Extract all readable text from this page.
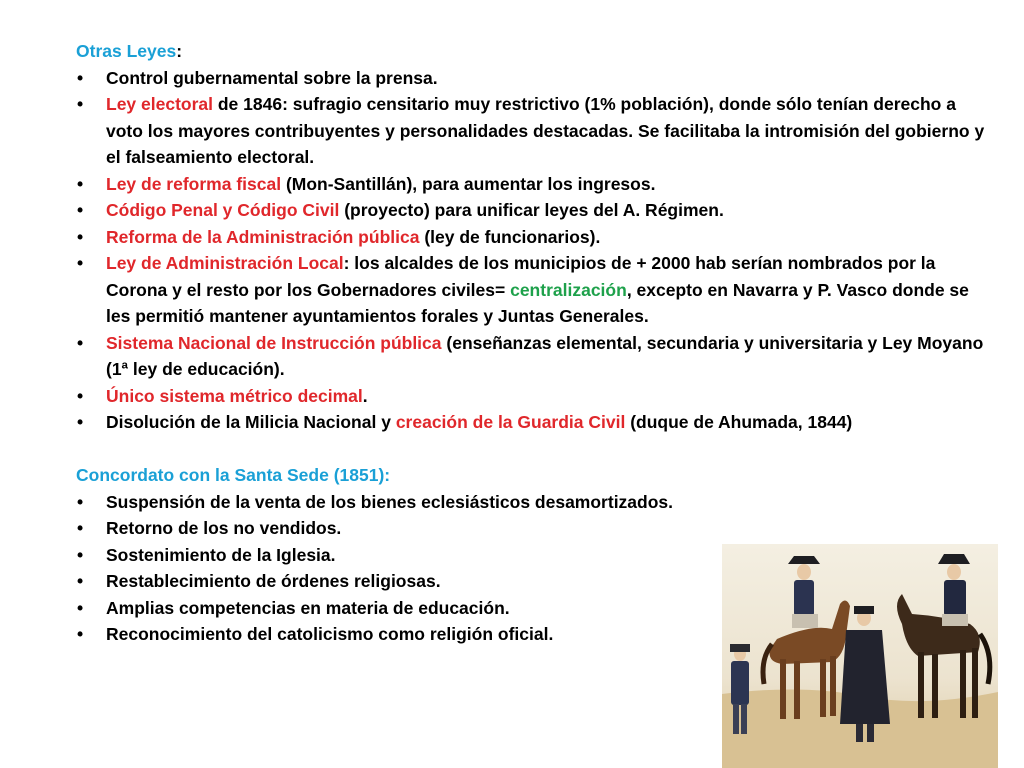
Otras Leyes:
• Control gubernamental sobre la prensa.
• Ley electoral de 1846: sufragio censitario muy restrictivo (1% población), donde sólo tenían derecho a voto los mayores contribuyentes y personalidades destacadas. Se facilitaba la intromisión del gobierno y el falseamiento electoral.
• Ley de reforma fiscal (Mon-Santillán), para aumentar los ingresos.
• Código Penal y Código Civil (proyecto) para unificar leyes del A. Régimen.
• Reforma de la Administración pública (ley de funcionarios).
• Ley de Administración Local: los alcaldes de los municipios de + 2000 hab serían nombrados por la Corona y el resto por los Gobernadores civiles= centralización, excepto en Navarra y P. Vasco donde se les permitió mantener ayuntamientos forales y Juntas Generales.
• Sistema Nacional de Instrucción pública (enseñanzas elemental, secundaria y universitaria y Ley Moyano (1ª ley de educación).
• Único sistema métrico decimal.
• Disolución de la Milicia Nacional y creación de la Guardia Civil (duque de Ahumada, 1844)
Concordato con la Santa Sede (1851):
• Suspensión de la venta de los bienes eclesiásticos desamortizados.
• Retorno de los no vendidos.
• Sostenimiento de la Iglesia.
• Restablecimiento de órdenes religiosas.
• Amplias competencias en materia de educación.
• Reconocimiento del catolicismo como religión oficial.
